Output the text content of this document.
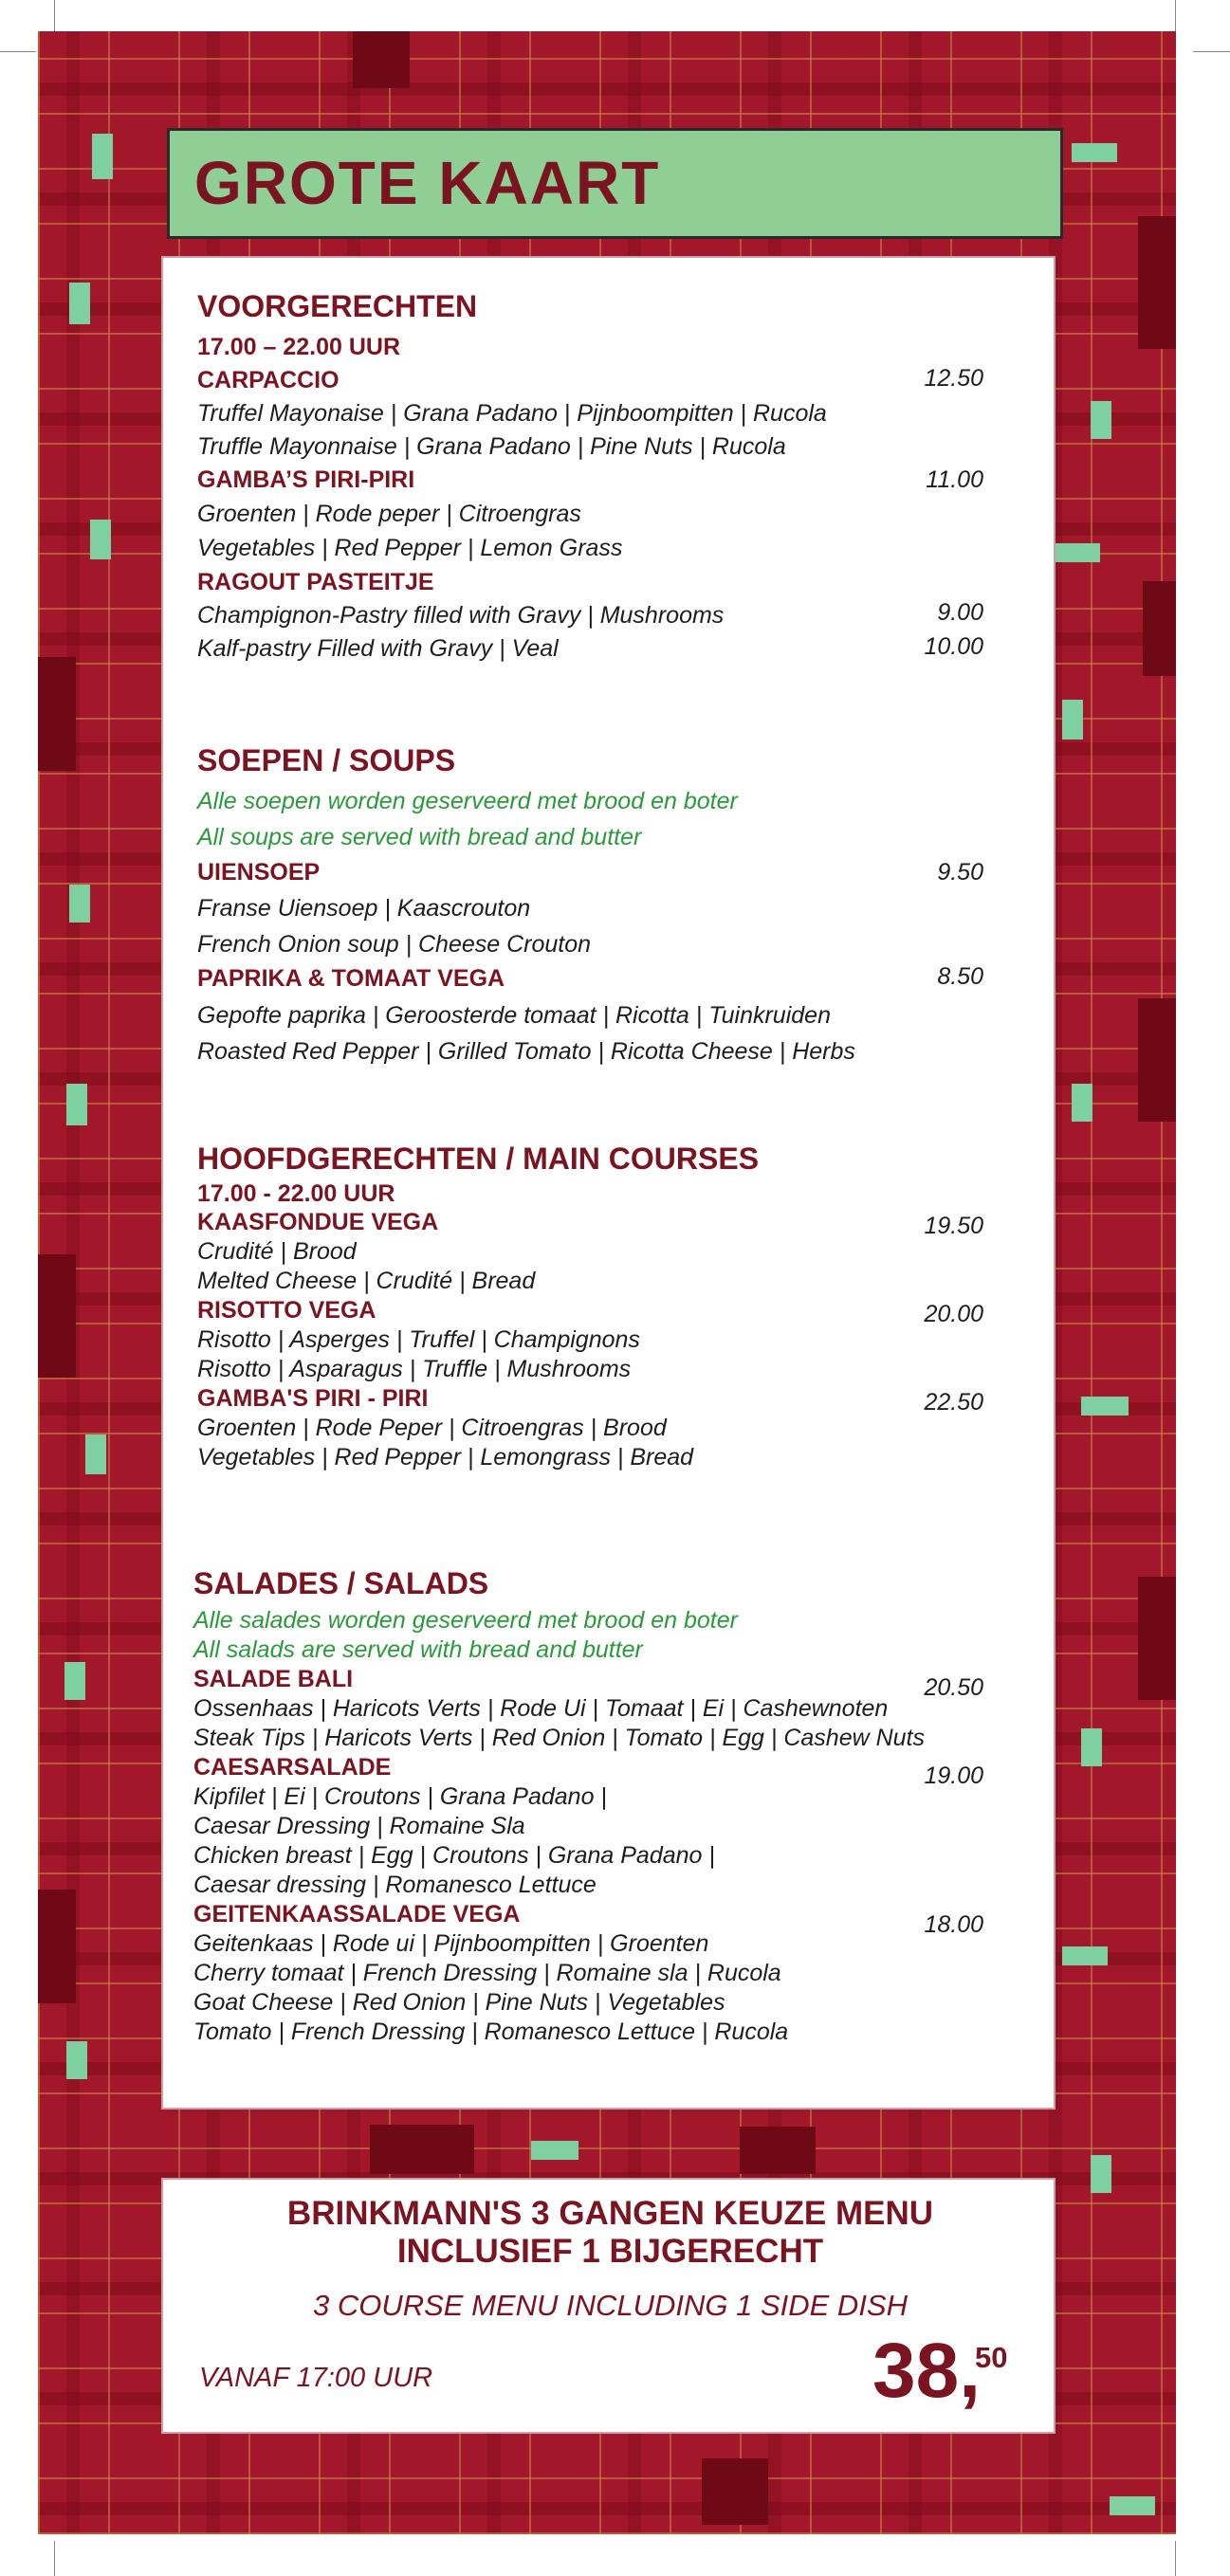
GROTE KAART
VOORGERECHTEN
17.00 – 22.00 UUR
CARPACCIO	12.50
Truffel Mayonaise | Grana Padano | Pijnboompitten | Rucola
Truffle Mayonnaise | Grana Padano | Pine Nuts | Rucola
GAMBA’S PIRI-PIRI	11.00
Groenten | Rode peper | Citroengras
Vegetables | Red Pepper | Lemon Grass
RAGOUT PASTEITJE
Champignon-Pastry filled with Gravy | Mushrooms	9.00
Kalf-pastry Filled with Gravy | Veal	10.00
SOEPEN / SOUPS
Alle soepen worden geserveerd met brood en boter
All soups are served with bread and butter
UIENSOEP	9.50
Franse Uiensoep | Kaascrouton
French Onion soup | Cheese Crouton
PAPRIKA & TOMAAT VEGA	8.50
Gepofte paprika | Geroosterde tomaat | Ricotta | Tuinkruiden
Roasted Red Pepper | Grilled Tomato | Ricotta Cheese | Herbs
HOOFDGERECHTEN / MAIN COURSES
17.00 - 22.00 UUR
KAASFONDUE VEGA	19.50
Crudité | Brood
Melted Cheese | Crudité | Bread
RISOTTO VEGA	20.00
Risotto | Asperges | Truffel | Champignons
Risotto | Asparagus | Truffle | Mushrooms
GAMBA'S PIRI - PIRI	22.50
Groenten | Rode Peper | Citroengras | Brood
Vegetables | Red Pepper | Lemongrass | Bread
SALADES / SALADS
Alle salades worden geserveerd met brood en boter
All salads are served with bread and butter
SALADE BALI	20.50
Ossenhaas | Haricots Verts | Rode Ui | Tomaat | Ei | Cashewnoten
Steak Tips | Haricots Verts | Red Onion | Tomato | Egg | Cashew Nuts
CAESARSALADE	19.00
Kipfilet | Ei | Croutons | Grana Padano |
Caesar Dressing | Romaine Sla
Chicken breast | Egg | Croutons | Grana Padano |
Caesar dressing | Romanesco Lettuce
GEITENKAASSALADE VEGA	18.00
Geitenkaas | Rode ui | Pijnboompitten | Groenten
Cherry tomaat | French Dressing | Romaine sla | Rucola
Goat Cheese | Red Onion | Pine Nuts | Vegetables
Tomato | French Dressing | Romanesco Lettuce | Rucola
BRINKMANN'S 3 GANGEN KEUZE MENU
INCLUSIEF 1 BIJGERECHT
3 COURSE MENU INCLUDING 1 SIDE DISH
VANAF 17:00 UUR	38,
50
